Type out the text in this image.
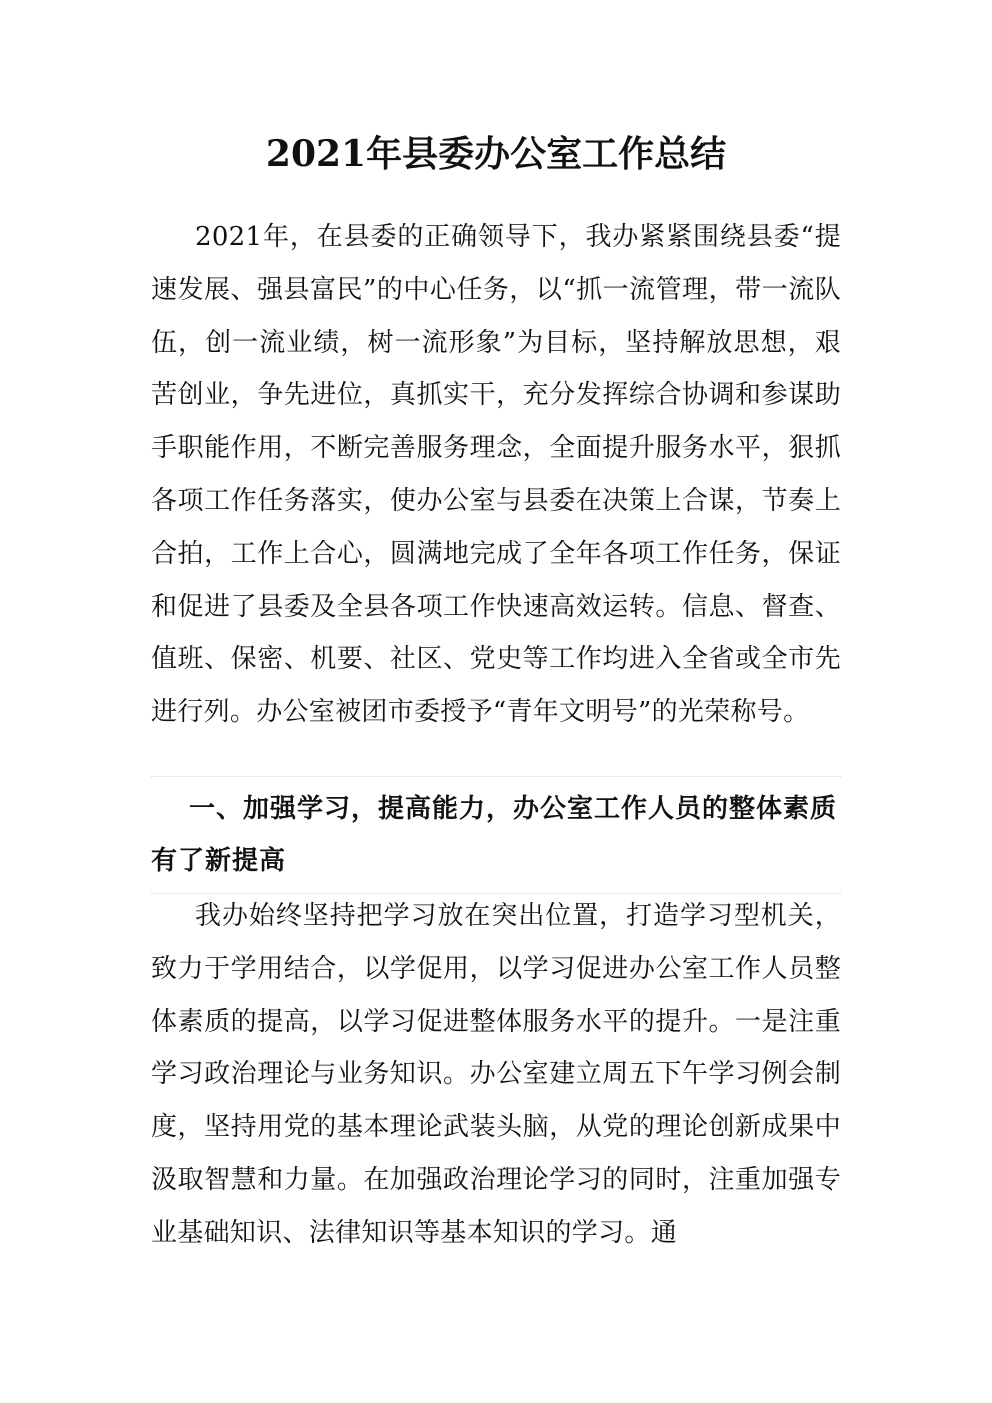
2021年县委办公室工作总结

2021年，在县委的正确领导下，我办紧紧围绕县委“提速发展、强县富民”的中心任务，以“抓一流管理，带一流队伍，创一流业绩，树一流形象”为目标，坚持解放思想，艰苦创业，争先进位，真抓实干，充分发挥综合协调和参谋助手职能作用，不断完善服务理念，全面提升服务水平，狠抓各项工作任务落实，使办公室与县委在决策上合谋，节奏上合拍，工作上合心，圆满地完成了全年各项工作任务，保证和促进了县委及全县各项工作快速高效运转。信息、督查、值班、保密、机要、社区、党史等工作均进入全省或全市先进行列。办公室被团市委授予“青年文明号”的光荣称号。

一、加强学习，提高能力，办公室工作人员的整体素质有了新提高

我办始终坚持把学习放在突出位置，打造学习型机关，致力于学用结合，以学促用，以学习促进办公室工作人员整体素质的提高，以学习促进整体服务水平的提升。一是注重学习政治理论与业务知识。办公室建立周五下午学习例会制度，坚持用党的基本理论武装头脑，从党的理论创新成果中汲取智慧和力量。在加强政治理论学习的同时，注重加强专业基础知识、法律知识等基本知识的学习。通
